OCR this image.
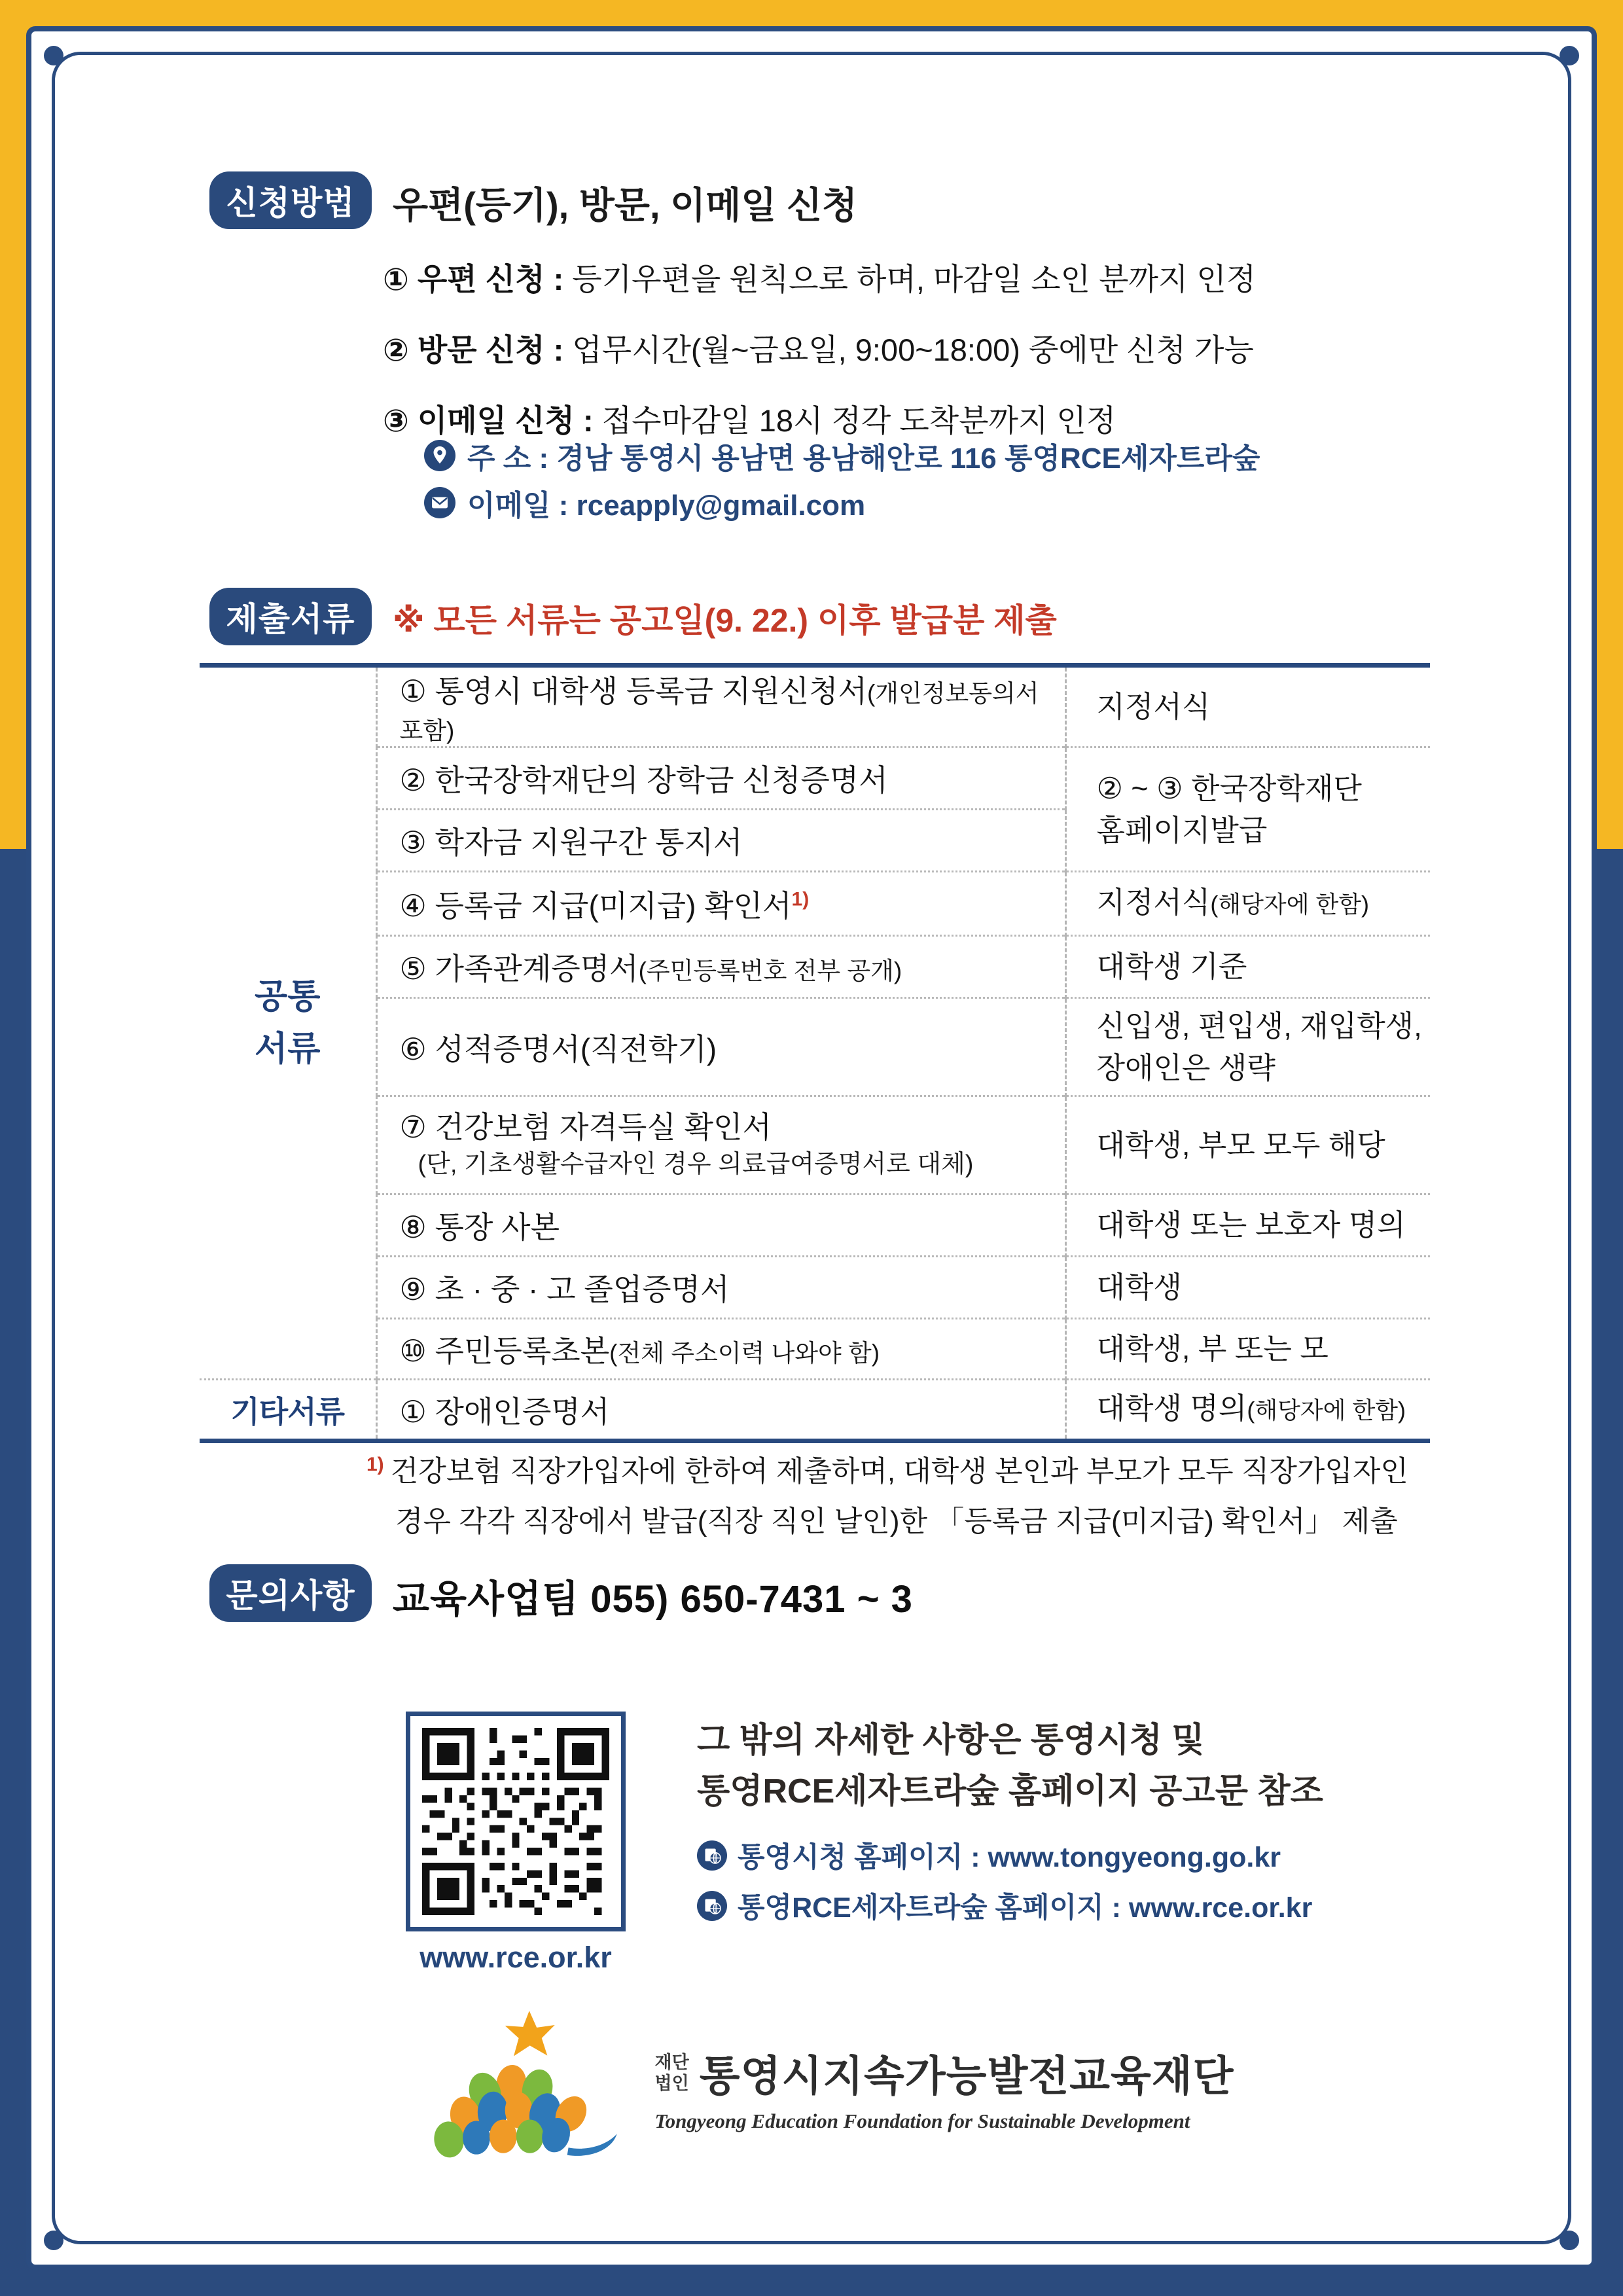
신청방법	우편(등기), 방문, 이메일 신청
① 우편 신청 : 등기우편을 원칙으로 하며, 마감일 소인 분까지 인정
② 방문 신청 : 업무시간(월~금요일, 9:00~18:00) 중에만 신청 가능
③ 이메일 신청 : 접수마감일 18시 정각 도착분까지 인정
주 소 : 경남 통영시 용남면 용남해안로 116 통영RCE세자트라숲
이메일 : rceapply@gmail.com
제출서류	※ 모든 서류는 공고일(9. 22.) 이후 발급분 제출
공통
서류	① 통영시 대학생 등록금 지원신청서(개인정보동의서 포함)	지정서식
	② 한국장학재단의 장학금 신청증명서	② ~ ③ 한국장학재단
홈페이지발급

	③ 학자금 지원구간 통지서	
	④ 등록금 지급(미지급) 확인서$^{1)}$	지정서식(해당자에 한함)
	⑤ 가족관계증명서(주민등록번호 전부 공개)	대학생 기준
	⑥ 성적증명서(직전학기)	신입생, 편입생, 재입학생,
장애인은 생략

	⑦ 건강보험 자격득실 확인서
(단, 기초생활수급자인 경우 의료급여증명서로 대체)	대학생, 부모 모두 해당
	⑧ 통장 사본	대학생 또는 보호자 명의
	⑨ 초 · 중 · 고 졸업증명서	대학생
	⑩ 주민등록초본(전체 주소이력 나와야 함)	대학생, 부 또는 모
기타서류	① 장애인증명서	대학생 명의(해당자에 한함)
$^{1)}$ 건강보험 직장가입자에 한하여 제출하며, 대학생 본인과 부모가 모두 직장가입자인
경우 각각 직장에서 발급(직장 직인 날인)한 「등록금 지급(미지급) 확인서」 제출
문의사항 교육사업팀 055) 650-7431 ~ 3
www.rce.or.kr
그 밖의 자세한 사항은 통영시청 및
통영RCE세자트라숲 홈페이지 공고문 참조
통영시청 홈페이지 : www.tongyeong.go.kr
통영RCE세자트라숲 홈페이지 : www.rce.or.kr
재단
법인 통영시지속가능발전교육재단
Tongyeong Education Foundation for Sustainable Development
